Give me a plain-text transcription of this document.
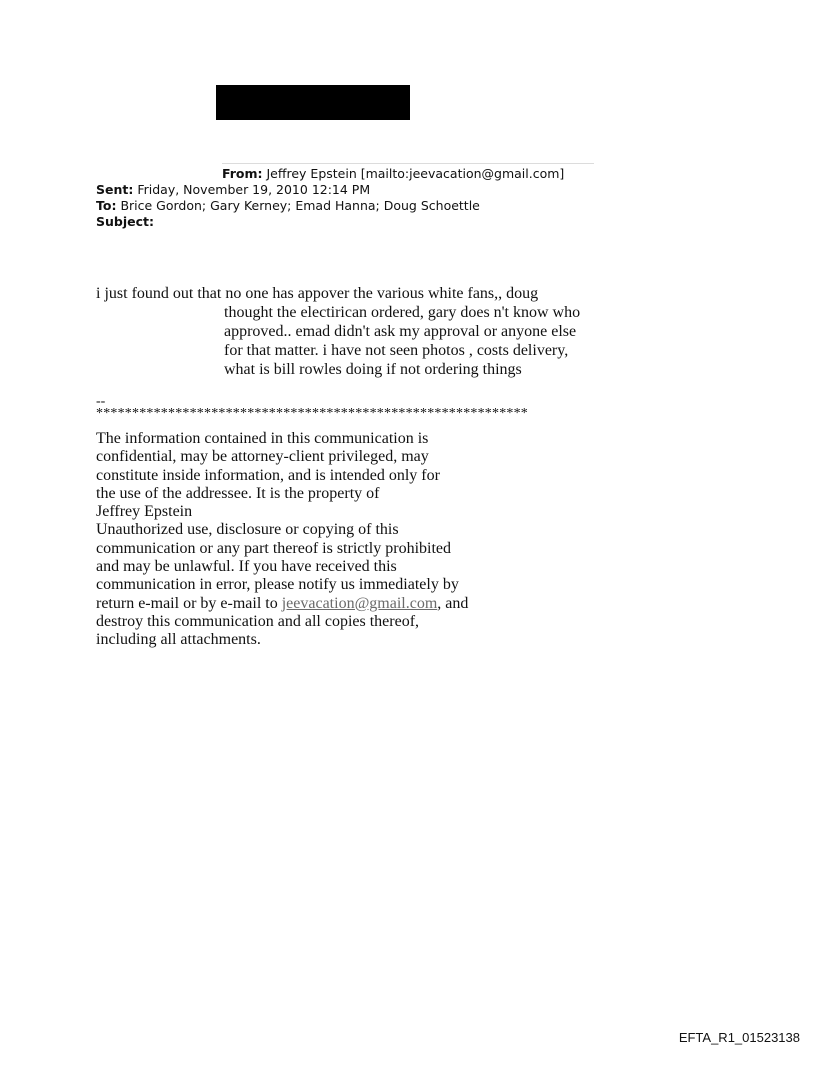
From: Jeffrey Epstein [mailto:jeevacation@gmail.com]
Sent: Friday, November 19, 2010 12:14 PM
To: Brice Gordon; Gary Kerney; Emad Hanna; Doug Schoettle
Subject:
i just found out that no one has appover the various white fans,, doug
thought the electirican ordered, gary does n't know who
approved.. emad didn't ask my approval or anyone else
for that matter. i have not seen photos , costs delivery,
what is bill rowles doing if not ordering things
--
************************************************************
The information contained in this communication is
confidential, may be attorney-client privileged, may
constitute inside information, and is intended only for
the use of the addressee. It is the property of
Jeffrey Epstein
Unauthorized use, disclosure or copying of this
communication or any part thereof is strictly prohibited
and may be unlawful. If you have received this
communication in error, please notify us immediately by
return e-mail or by e-mail to jeevacation@gmail.com, and
destroy this communication and all copies thereof,
including all attachments.
EFTA_R1_01523138
